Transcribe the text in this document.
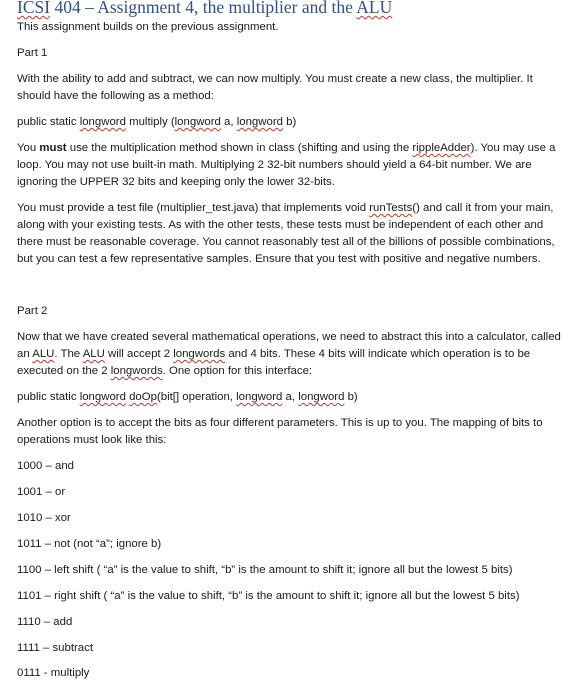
ICSI 404 – Assignment 4, the multiplier and the ALU

This assignment builds on the previous assignment.

Part 1

With the ability to add and subtract, we can now multiply. You must create a new class, the multiplier. It should have the following as a method:

public static longword multiply (longword a, longword b)

You must use the multiplication method shown in class (shifting and using the rippleAdder). You may use a loop. You may not use built-in math. Multiplying 2 32-bit numbers should yield a 64-bit number. We are ignoring the UPPER 32 bits and keeping only the lower 32-bits.

You must provide a test file (multiplier_test.java) that implements void runTests() and call it from your main, along with your existing tests. As with the other tests, these tests must be independent of each other and there must be reasonable coverage. You cannot reasonably test all of the billions of possible combinations, but you can test a few representative samples. Ensure that you test with positive and negative numbers.

Part 2

Now that we have created several mathematical operations, we need to abstract this into a calculator, called an ALU. The ALU will accept 2 longwords and 4 bits. These 4 bits will indicate which operation is to be executed on the 2 longwords. One option for this interface:

public static longword doOp(bit[] operation, longword a, longword b)

Another option is to accept the bits as four different parameters. This is up to you. The mapping of bits to operations must look like this:

1000 – and

1001 – or

1010 – xor

1011 – not (not “a”; ignore b)

1100 – left shift ( “a” is the value to shift, “b” is the amount to shift it; ignore all but the lowest 5 bits)

1101 – right shift ( “a” is the value to shift, “b” is the amount to shift it; ignore all but the lowest 5 bits)

1110 – add

1111 – subtract

0111 - multiply
